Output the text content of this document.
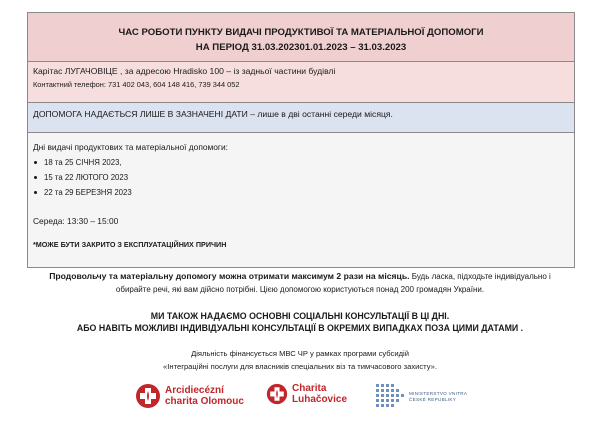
ЧАС РОБОТИ ПУНКТУ ВИДАЧІ ПРОДУКТИВОЇ ТА МАТЕРІАЛЬНОЇ ДОПОМОГИ
НА ПЕРІОД 31.03.202301.01.2023 – 31.03.2023
Карітас ЛУГАЧОВІЦЕ , за адресою Hradisko 100 – із задньої частини будівлі
Контактний телефон: 731 402 043, 604 148 416, 739 344 052
ДОПОМОГА НАДАЄТЬСЯ ЛИШЕ В ЗАЗНАЧЕНІ ДАТИ – лише в дві останні середи місяця.
Дні видачі продуктових та матеріальної допомоги:
18 та 25 СІЧНЯ 2023,
15 та 22 ЛЮТОГО 2023
22 та 29 БЕРЕЗНЯ 2023
Середа: 13:30 – 15:00
*МОЖЕ БУТИ ЗАКРИТО З ЕКСПЛУАТАЦІЙНИХ ПРИЧИН
Продовольчу та матеріальну допомогу можна отримати максимум 2 рази на місяць. Будь ласка, підходьте індивідуально і обирайте речі, які вам дійсно потрібні. Цією допомогою користуються понад 200 громадян України.
МИ ТАКОЖ НАДАЄМО ОСНОВНІ СОЦІАЛЬНІ КОНСУЛЬТАЦІЇ В ЦІ ДНІ.
АБО НАВІТЬ МОЖЛИВІ ІНДИВІДУАЛЬНІ КОНСУЛЬТАЦІЇ В ОКРЕМИХ ВИПАДКАХ ПОЗА ЦИМИ ДАТАМИ .
Діяльність фінансується МВС ЧР у рамках програми субсидій
«Інтеграційні послуги для власників спеціальних віз та тимчасового захисту».
Arcidiecézní
charita Olomouc
Charita
Luhačovice
MINISTERSTVO VNITRA
ČESKÉ REPUBLIKY
